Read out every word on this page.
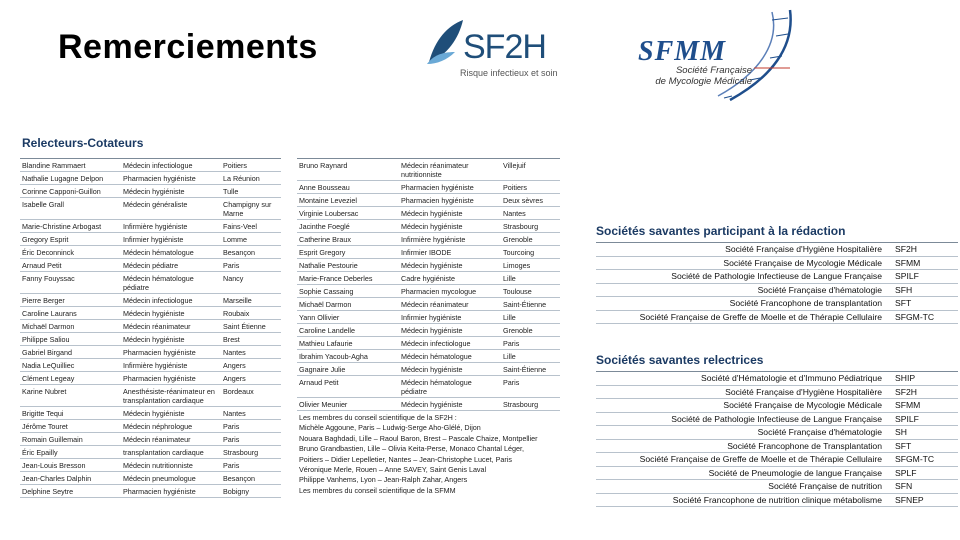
Remerciements	SF2H
Risque infectieux et soin
SFMM
Société Française
de Mycologie Médicale
Relecteurs-Cotateurs
Blandine Rammaert	Médecin infectiologue	Poitiers
Nathalie Lugagne Delpon	Pharmacien hygiéniste	La Réunion
Corinne Capponi-Guillon	Médecin hygiéniste	Tulle
Isabelle Grall	Médecin généraliste	Champigny sur Marne
Marie-Christine Arbogast	Infirmière hygiéniste	Fains-Veel
Gregory Esprit	Infirmier hygiéniste	Lomme
Éric Deconninck	Médecin hématologue	Besançon
Arnaud Petit	Médecin pédiatre	Paris
Fanny Fouyssac	Médecin hématologue pédiatre	Nancy
Pierre Berger	Médecin infectiologue	Marseille
Caroline Laurans	Médecin hygiéniste	Roubaix
Michaël Darmon	Médecin réanimateur	Saint Étienne
Philippe Saliou	Médecin hygiéniste	Brest
Gabriel Birgand	Pharmacien hygiéniste	Nantes
Nadia LeQuilliec	Infirmière hygiéniste	Angers
Clément Legeay	Pharmacien hygiéniste	Angers
Karine Nubret	Anesthésiste-réanimateur en transplantation cardiaque	Bordeaux
Brigitte Tequi	Médecin hygiéniste	Nantes
Jérôme Touret	Médecin néphrologue	Paris
Romain Guillemain	Médecin réanimateur	Paris
Éric Epailly	transplantation cardiaque	Strasbourg
Jean-Louis Bresson	Médecin nutritionniste	Paris
Jean-Charles Dalphin	Médecin pneumologue	Besançon
Delphine Seytre	Pharmacien hygiéniste	Bobigny
Bruno Raynard	Médecin réanimateur nutritionniste	Villejuif
Anne Bousseau	Pharmacien hygiéniste	Poitiers
Montaine Leveziel	Pharmacien hygiéniste	Deux sèvres
Virginie Loubersac	Médecin hygiéniste	Nantes
Jacinthe Foeglé	Médecin hygiéniste	Strasbourg
Catherine Braux	Infirmière hygiéniste	Grenoble
Esprit Gregory	Infirmier IBODE	Tourcoing
Nathalie Pestourie	Médecin hygiéniste	Limoges
Marie-France Deberles	Cadre hygiéniste	Lille
Sophie Cassaing	Pharmacien mycologue	Toulouse
Michaël Darmon	Médecin réanimateur	Saint-Étienne
Yann Ollivier	Infirmier hygiéniste	Lille
Caroline Landelle	Médecin hygiéniste	Grenoble
Mathieu Lafaurie	Médecin infectiologue	Paris
Ibrahim Yacoub-Agha	Médecin hématologue	Lille
Gagnaire Julie	Médecin hygiéniste	Saint-Étienne
Arnaud Petit	Médecin hématologue pédiatre	Paris
Olivier Meunier	Médecin hygiéniste	Strasbourg

Les membres du conseil scientifique de la SF2H :

Michèle Aggoune, Paris – Ludwig-Serge Aho-Glélé, Dijon

Nouara Baghdadi, Lille – Raoul Baron, Brest – Pascale Chaize, Montpellier

Bruno Grandbastien, Lille – Olivia Keita-Perse, Monaco Chantal Léger,

Poitiers – Didier Lepelletier, Nantes – Jean-Christophe Lucet, Paris

Véronique Merle, Rouen – Anne SAVEY, Saint Genis Laval

Philippe Vanhems, Lyon – Jean-Ralph Zahar, Angers

Les membres du conseil scientifique de la SFMM

Sociétés savantes participant à la rédaction
Société Française d'Hygiène Hospitalière	SF2H
Société Française de Mycologie Médicale	SFMM
Société de Pathologie Infectieuse de Langue Française	SPILF
Société Française d'hématologie	SFH
Société Francophone de transplantation	SFT
Société Française de Greffe de Moelle et de Thérapie Cellulaire	SFGM-TC
Sociétés savantes relectrices
Société d'Hématologie et d'Immuno Pédiatrique	SHIP
Société Française d'Hygiène Hospitalière	SF2H
Société Française de Mycologie Médicale	SFMM
Société de Pathologie Infectieuse de Langue Française	SPILF
Société Française d'hématologie	SH
Société Francophone de Transplantation	SFT
Société Française de Greffe de Moelle et de Thérapie Cellulaire	SFGM-TC
Société de Pneumologie de langue Française	SPLF
Société Française de nutrition	SFN
Société Francophone de nutrition clinique métabolisme	SFNEP
